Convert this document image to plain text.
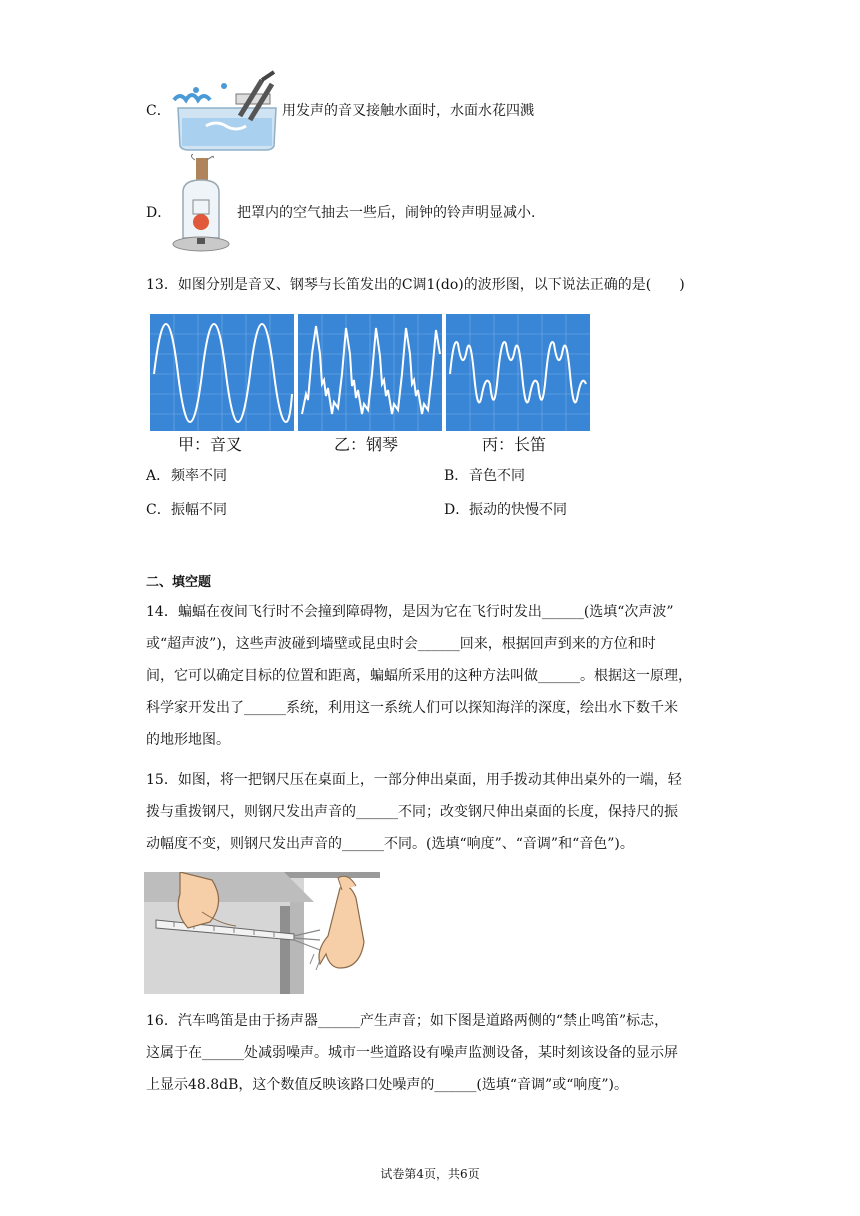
C．	用发声的音叉接触水面时，水面水花四溅
D．	把罩内的空气抽去一些后，闹钟的铃声明显减小.
13．如图分别是音叉、钢琴与长笛发出的C调1(do)的波形图，以下说法正确的是(　　)
甲：音叉	乙：钢琴	丙：长笛
A． 频率不同	B． 音色不同
C． 振幅不同	D． 振动的快慢不同
二、填空题
14．蝙蝠在夜间飞行时不会撞到障碍物，是因为它在飞行时发出______(选填“次声波”
或“超声波”)，这些声波碰到墙壁或昆虫时会______回来，根据回声到来的方位和时
间，它可以确定目标的位置和距离，蝙蝠所采用的这种方法叫做______。根据这一原理，
科学家开发出了______系统，利用这一系统人们可以探知海洋的深度，绘出水下数千米
的地形地图。
15．如图，将一把钢尺压在桌面上，一部分伸出桌面，用手拨动其伸出桌外的一端，轻
拨与重拨钢尺，则钢尺发出声音的______不同；改变钢尺伸出桌面的长度，保持尺的振
动幅度不变，则钢尺发出声音的______不同。(选填“响度”、“音调”和“音色”)。
16．汽车鸣笛是由于扬声器______产生声音；如下图是道路两侧的“禁止鸣笛”标志，
这属于在______处减弱噪声。城市一些道路设有噪声监测设备，某时刻该设备的显示屏
上显示48.8dB，这个数值反映该路口处噪声的______(选填“音调”或“响度”)。
试卷第4页，共6页
